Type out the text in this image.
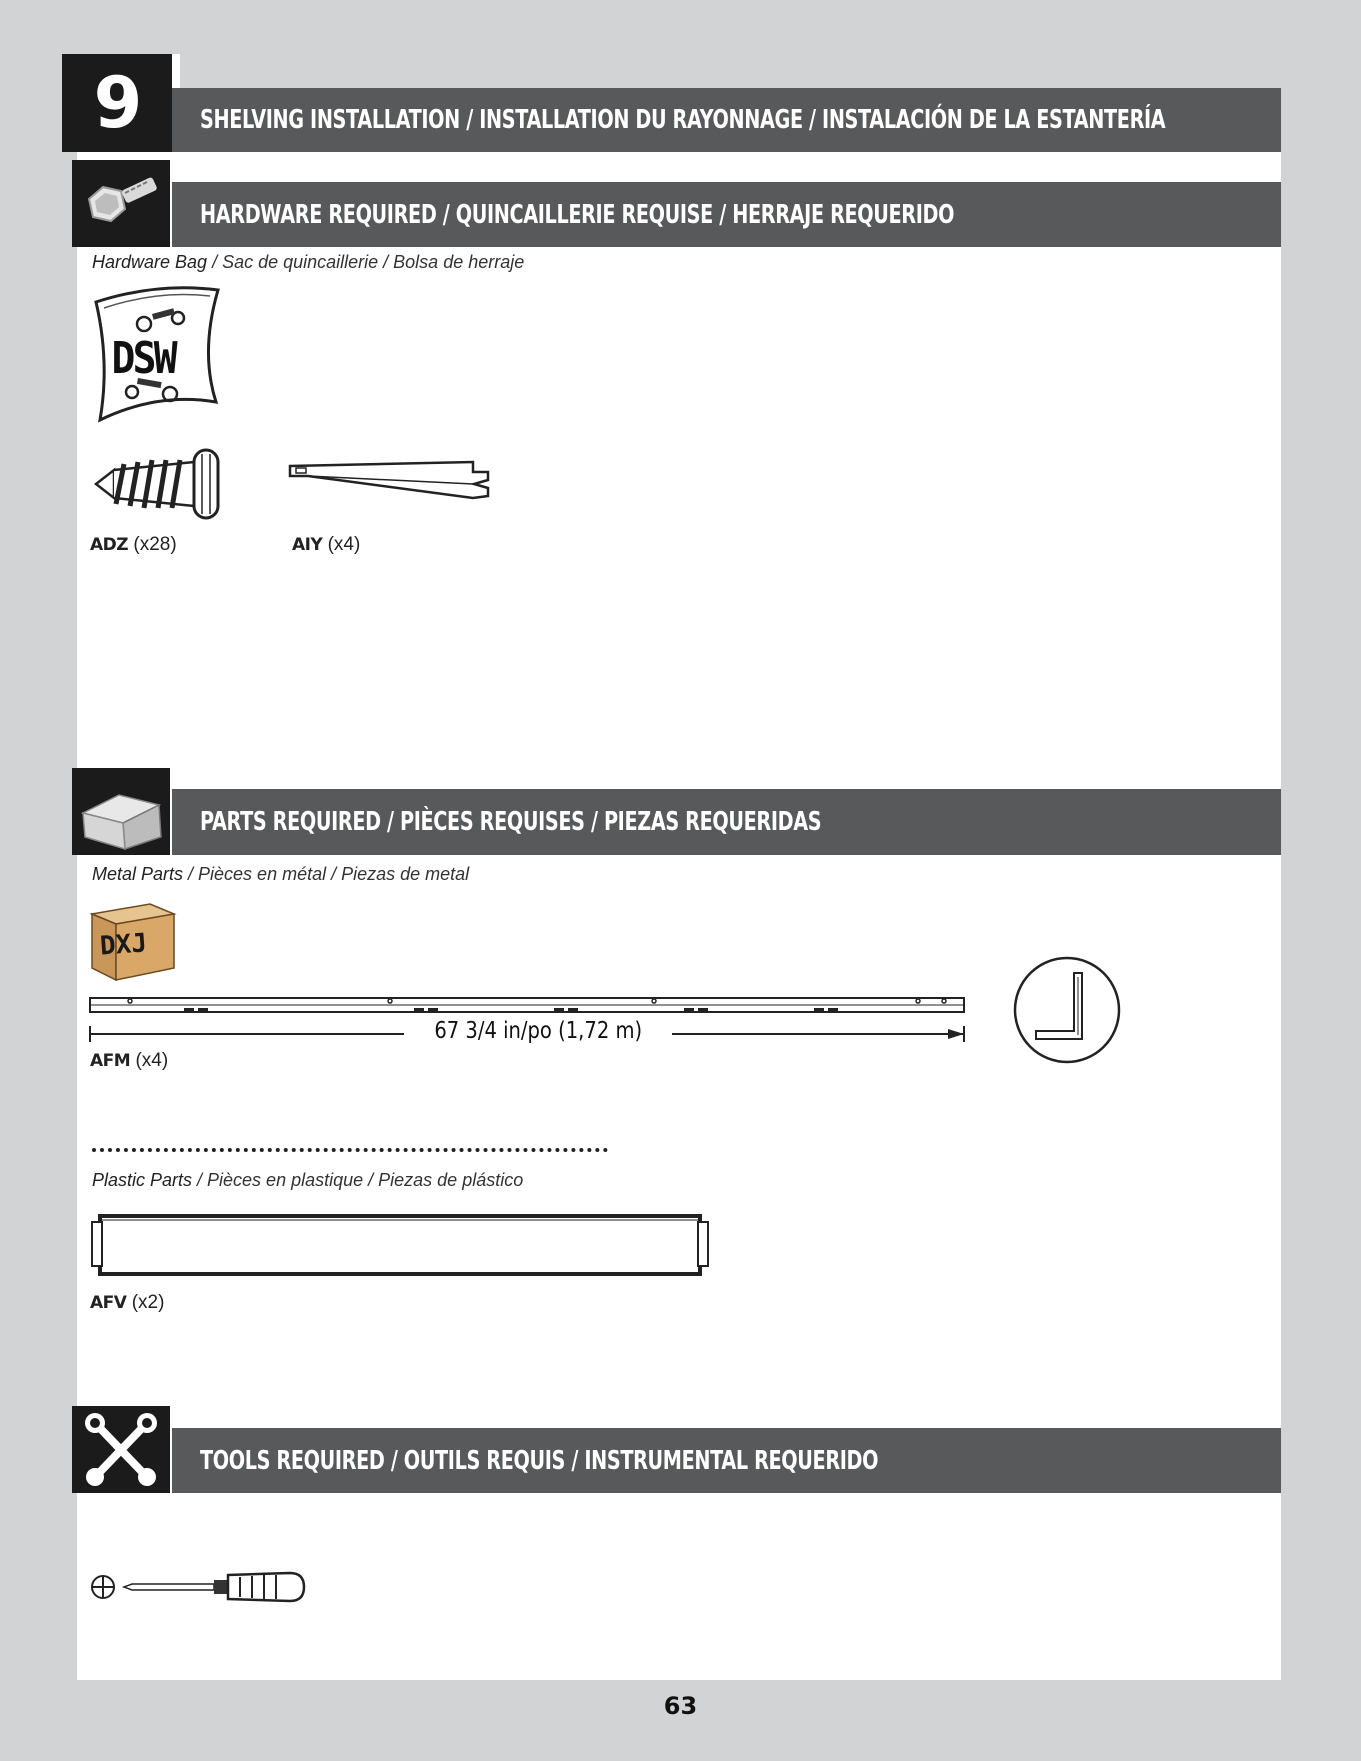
9	SHELVING INSTALLATION / INSTALLATION DU RAYONNAGE / INSTALACIÓN DE LA ESTANTERÍA
HARDWARE REQUIRED / QUINCAILLERIE REQUISE / HERRAJE REQUERIDO
Hardware Bag / Sac de quincaillerie / Bolsa de herraje
DSW
ADZ (x28)	AIY (x4)
PARTS REQUIRED / PIÈCES REQUISES / PIEZAS REQUERIDAS
Metal Parts / Pièces en métal / Piezas de metal
DXJ
67 3/4 in/po (1,72 m)
AFM (x4)
Plastic Parts / Pièces en plastique / Piezas de plástico
AFV (x2)
TOOLS REQUIRED / OUTILS REQUIS / INSTRUMENTAL REQUERIDO
63
